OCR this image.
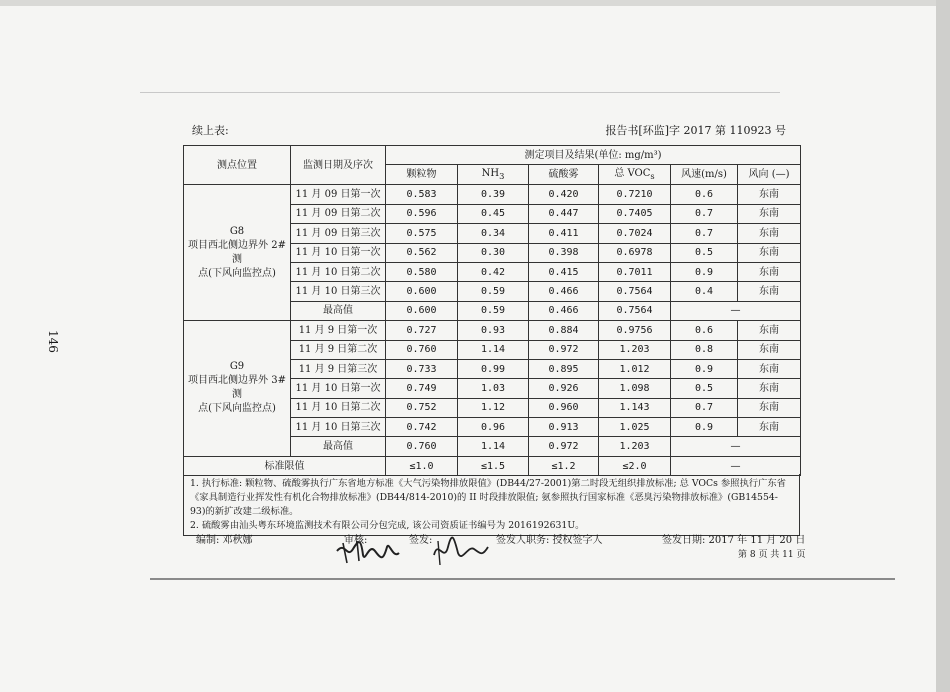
146
续上表:	报告书[环监]字 2017 第 110923 号
测点位置	监测日期及序次	测定项目及结果(单位: mg/m³)					
		颗粒物	$NH_3$	硫酸雾	总 $VOC_s$	风速(m/s)	风向 (—)

G8
项目西北侧边界外 2#测
点(下风向监控点)	11 月 09 日第一次	0.583	0.39	0.420	0.7210	0.6	东南
	11 月 09 日第二次	0.596	0.45	0.447	0.7405	0.7	东南
	11 月 09 日第三次	0.575	0.34	0.411	0.7024	0.7	东南
	11 月 10 日第一次	0.562	0.30	0.398	0.6978	0.5	东南
	11 月 10 日第二次	0.580	0.42	0.415	0.7011	0.9	东南
	11 月 10 日第三次	0.600	0.59	0.466	0.7564	0.4	东南
	最高值	0.600	0.59	0.466	0.7564	—	

G9
项目西北侧边界外 3#测
点(下风向监控点)	11 月 9 日第一次	0.727	0.93	0.884	0.9756	0.6	东南
	11 月 9 日第二次	0.760	1.14	0.972	1.203	0.8	东南
	11 月 9 日第三次	0.733	0.99	0.895	1.012	0.9	东南
	11 月 10 日第一次	0.749	1.03	0.926	1.098	0.5	东南
	11 月 10 日第二次	0.752	1.12	0.960	1.143	0.7	东南
	11 月 10 日第三次	0.742	0.96	0.913	1.025	0.9	东南
	最高值	0.760	1.14	0.972	1.203	—	
标准限值		≤1.0	≤1.5	≤1.2	≤2.0	—	

1. 执行标准: 颗粒物、硫酸雾执行广东省地方标准《大气污染物排放限值》(DB44/27-2001)第二时段无组织排放标准; 总 VOCs 参照执行广东省《家具制造行业挥发性有机化合物排放标准》(DB44/814-2010)的 II 时段排放限值; 氨参照执行国家标准《恶臭污染物排放标准》(GB14554-93)的新扩改建二级标准。

2. 硫酸雾由汕头粤东环境监测技术有限公司分包完成, 该公司资质证书编号为 2016192631U。

编制: 邓秋娜	审核:	签发:	签发人职务: 授权签字人	签发日期: 2017 年 11 月 20 日
第 8 页 共 11 页
